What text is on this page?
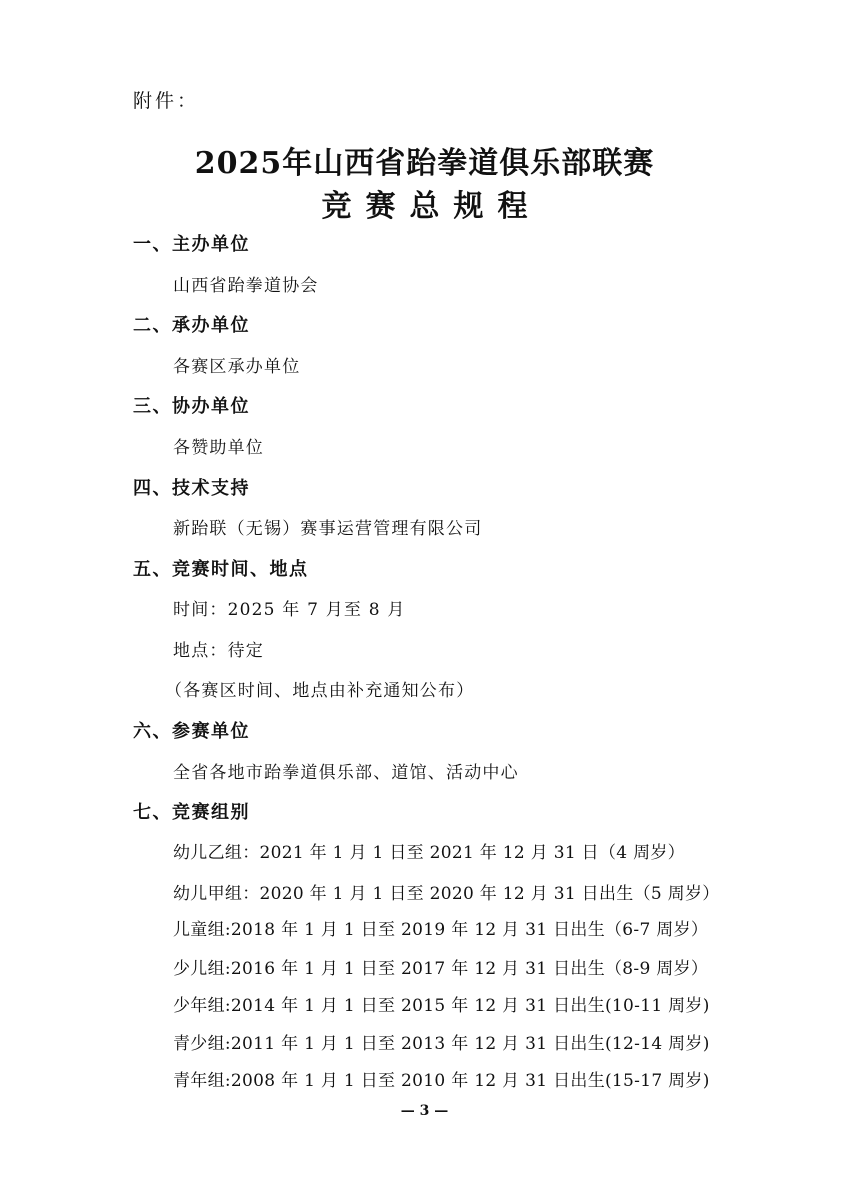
附件：
2025年山西省跆拳道俱乐部联赛
竞赛总规程
一、主办单位
山西省跆拳道协会
二、承办单位
各赛区承办单位
三、协办单位
各赞助单位
四、技术支持
新跆联（无锡）赛事运营管理有限公司
五、竞赛时间、地点
时间：2025 年 7 月至 8 月
地点：待定
（各赛区时间、地点由补充通知公布）
六、参赛单位
全省各地市跆拳道俱乐部、道馆、活动中心
七、竞赛组别
幼儿乙组：2021 年 1 月 1 日至 2021 年 12 月 31 日（4 周岁）
幼儿甲组：2020 年 1 月 1 日至 2020 年 12 月 31 日出生（5 周岁）
儿童组:2018 年 1 月 1 日至 2019 年 12 月 31 日出生（6-7 周岁）
少儿组:2016 年 1 月 1 日至 2017 年 12 月 31 日出生（8-9 周岁）
少年组:2014 年 1 月 1 日至 2015 年 12 月 31 日出生(10-11 周岁)
青少组:2011 年 1 月 1 日至 2013 年 12 月 31 日出生(12-14 周岁)
青年组:2008 年 1 月 1 日至 2010 年 12 月 31 日出生(15-17 周岁)
— 3 —
